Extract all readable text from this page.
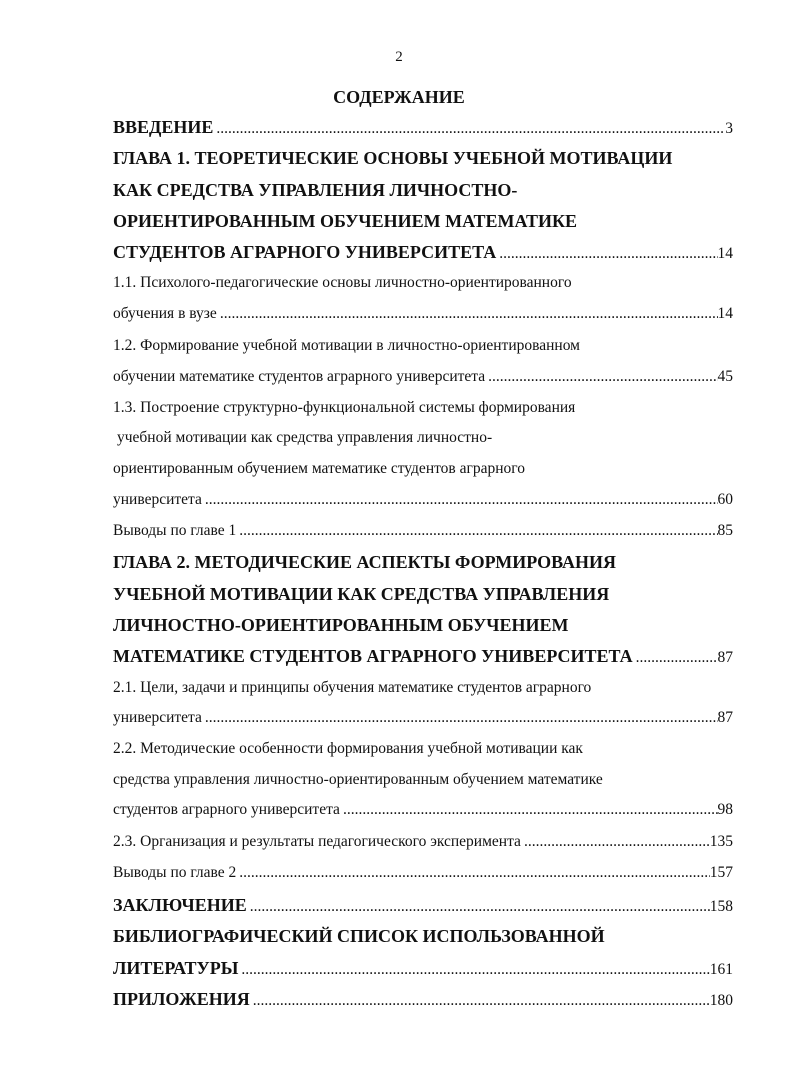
2
СОДЕРЖАНИЕ
ВВЕДЕНИЕ .....	3
ГЛАВА 1. ТЕОРЕТИЧЕСКИЕ ОСНОВЫ УЧЕБНОЙ МОТИВАЦИИ
КАК СРЕДСТВА УПРАВЛЕНИЯ ЛИЧНОСТНО-
ОРИЕНТИРОВАННЫМ ОБУЧЕНИЕМ МАТЕМАТИКЕ
СТУДЕНТОВ АГРАРНОГО УНИВЕРСИТЕТА .....	14
1.1. Психолого-педагогические основы личностно-ориентированного
обучения в вузе .....	14
1.2. Формирование учебной мотивации в личностно-ориентированном
обучении математике студентов аграрного университета .....	45
1.3. Построение структурно-функциональной системы формирования
учебной мотивации как средства управления личностно-
ориентированным обучением математике студентов аграрного
университета .....	60
Выводы по главе 1 .....	85
ГЛАВА 2. МЕТОДИЧЕСКИЕ АСПЕКТЫ ФОРМИРОВАНИЯ
УЧЕБНОЙ МОТИВАЦИИ КАК СРЕДСТВА УПРАВЛЕНИЯ
ЛИЧНОСТНО-ОРИЕНТИРОВАННЫМ ОБУЧЕНИЕМ
МАТЕМАТИКЕ СТУДЕНТОВ АГРАРНОГО УНИВЕРСИТЕТА .....	87
2.1. Цели, задачи и принципы обучения математике студентов аграрного
университета .....	87
2.2. Методические особенности формирования учебной мотивации как
средства управления личностно-ориентированным обучением математике
студентов аграрного университета .....	98
2.3. Организация и результаты педагогического эксперимента .....	135
Выводы по главе 2 .....	157
ЗАКЛЮЧЕНИЕ .....	158
БИБЛИОГРАФИЧЕСКИЙ СПИСОК ИСПОЛЬЗОВАННОЙ
ЛИТЕРАТУРЫ .....	161
ПРИЛОЖЕНИЯ .....	180
